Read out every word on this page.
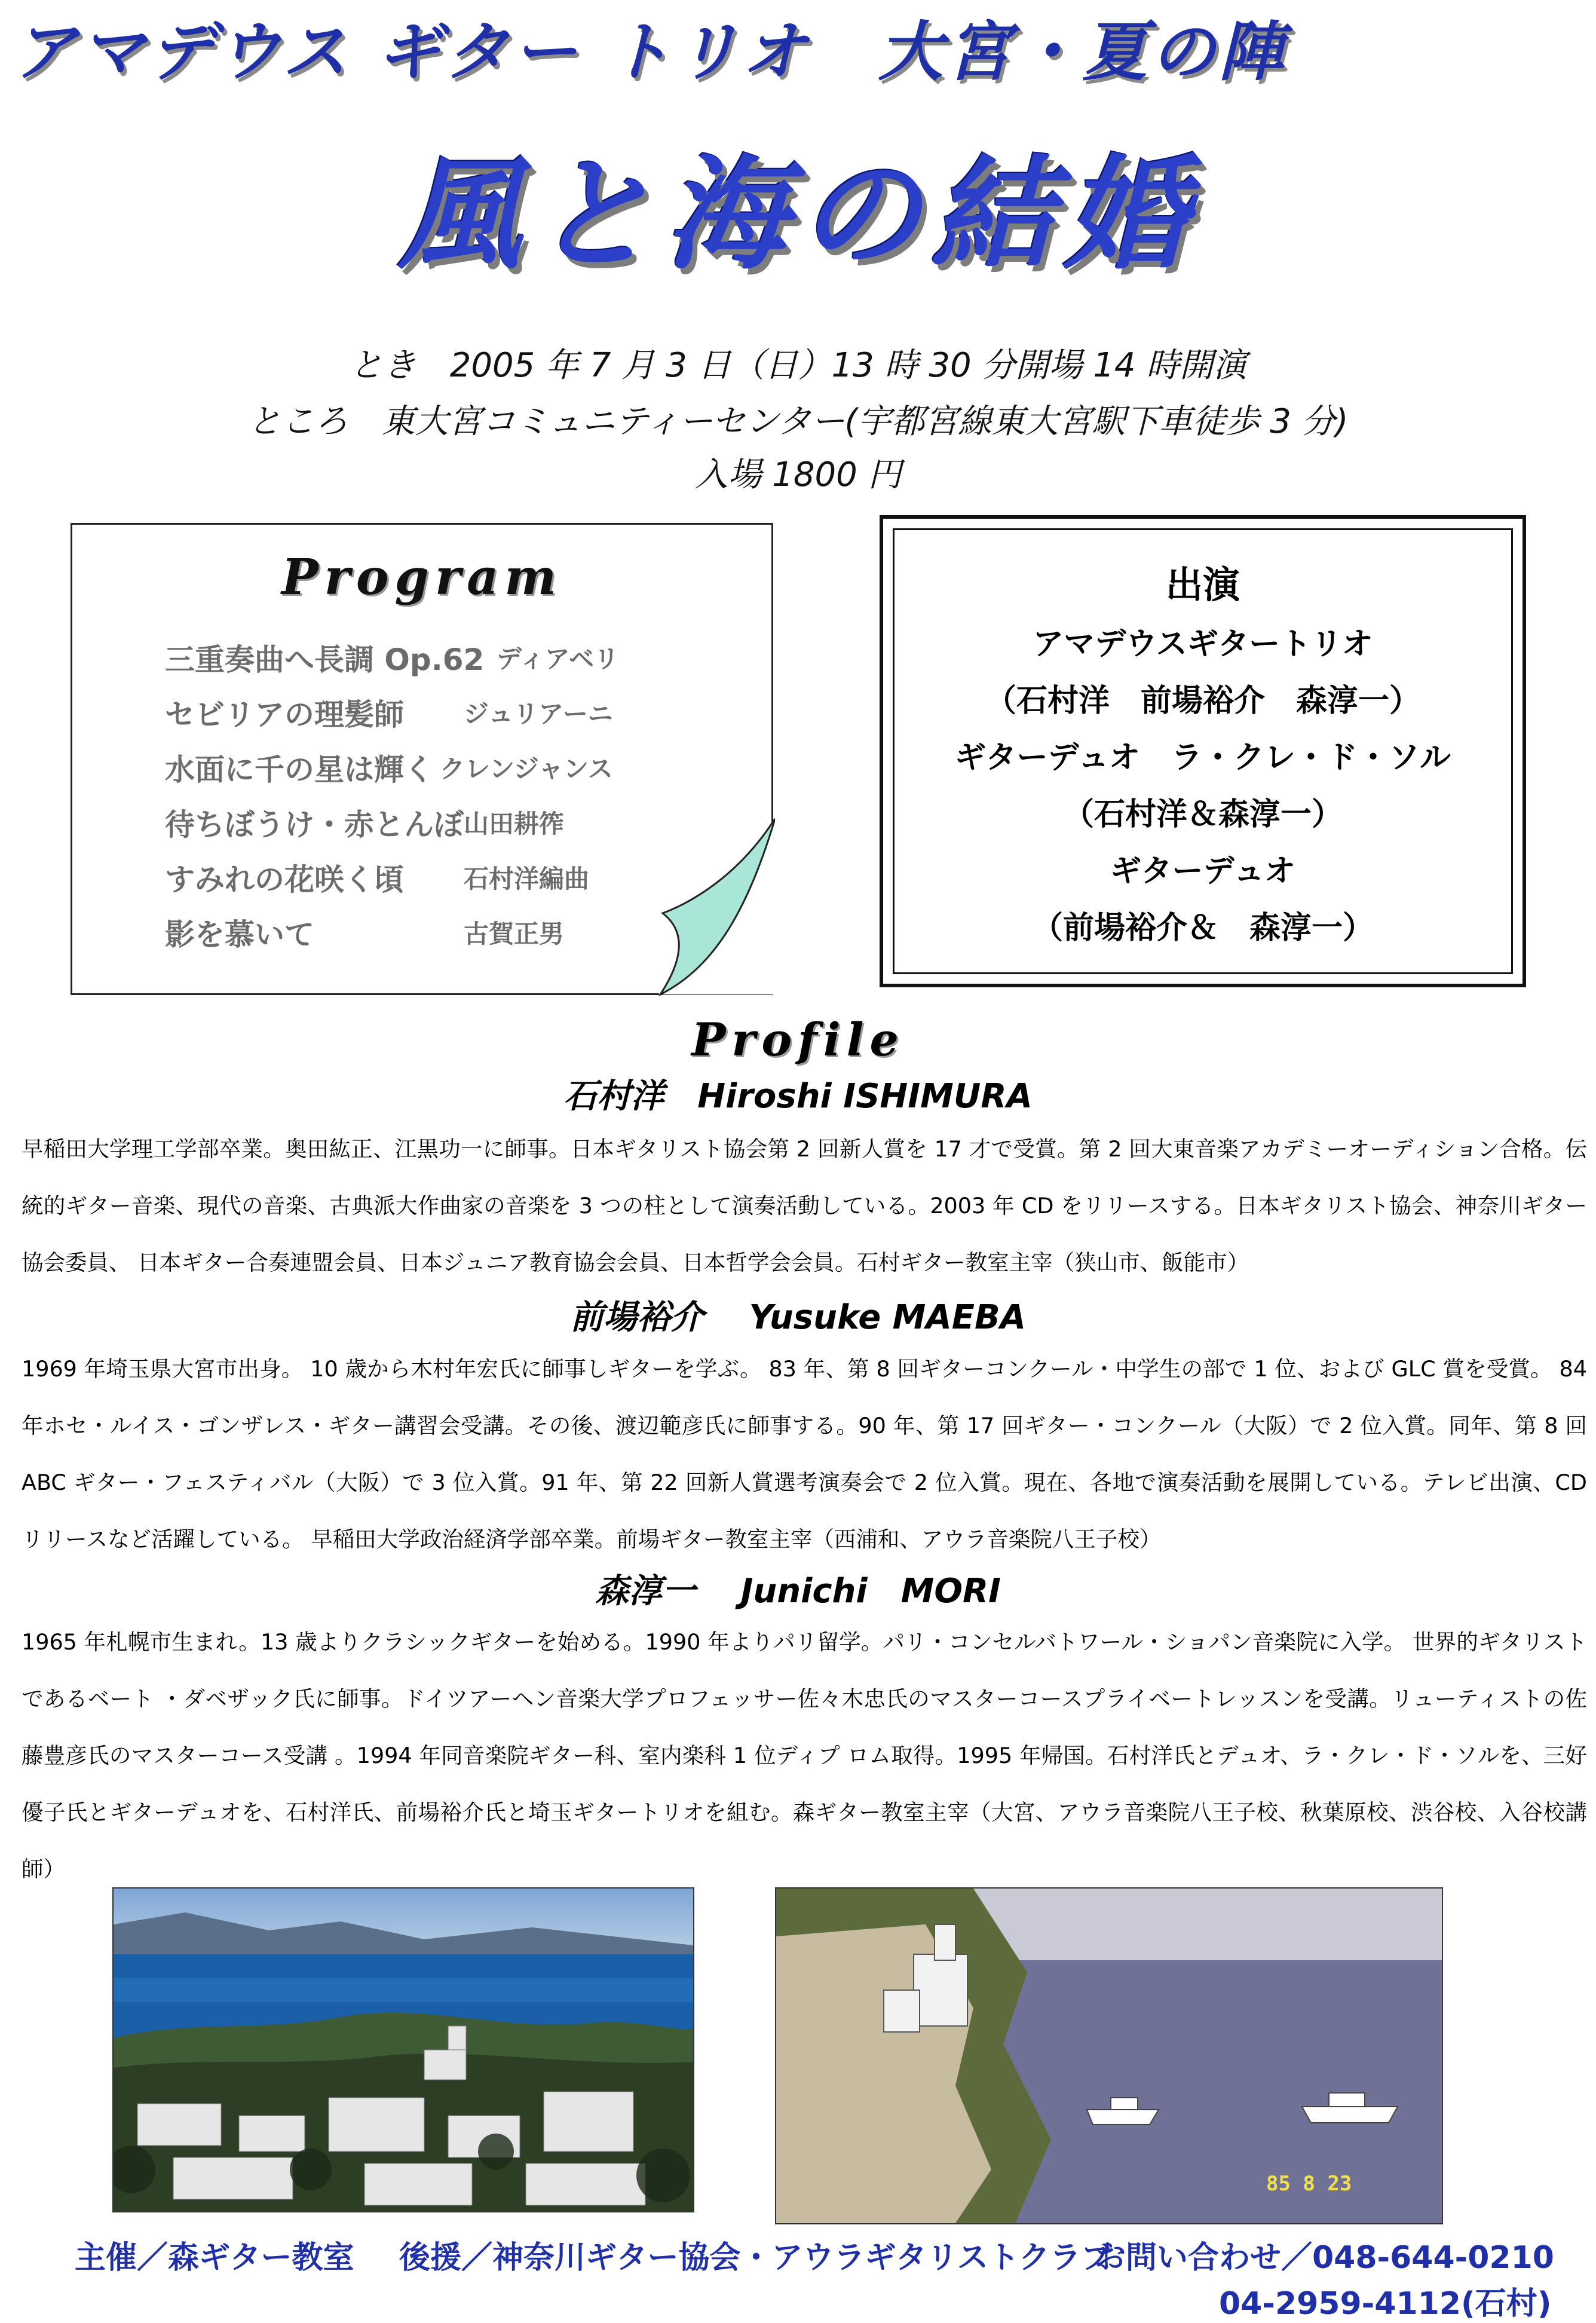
アマデウス ギター トリオ　大宮・夏の陣
風と海の結婚
とき　2005 年 7 月 3 日（日）13 時 30 分開場 14 時開演
ところ　東大宮コミュニティーセンター(宇都宮線東大宮駅下車徒歩 3 分)
入場 1800 円
Program
三重奏曲へ長調 Op.62 ディアベリ
セビリアの理髪師 ジュリアーニ
水面に千の星は輝く クレンジャンス
待ちぼうけ・赤とんぼ 山田耕筰
すみれの花咲く頃 石村洋編曲
影を慕いて	古賀正男
出演
アマデウスギタートリオ
（石村洋　前場裕介　森淳一）
ギターデュオ　ラ・クレ・ド・ソル
（石村洋＆森淳一）
ギターデュオ
（前場裕介＆　森淳一）
Profile
石村洋　Hiroshi ISHIMURA
早稲田大学理工学部卒業。奥田紘正、江黒功一に師事。日本ギタリスト協会第 2 回新人賞を 17 才で受賞。第 2 回大東音楽アカデミーオーディション合格。伝統的ギター音楽、現代の音楽、古典派大作曲家の音楽を 3 つの柱として演奏活動している。2003 年 CD をリリースする。日本ギタリスト協会、神奈川ギター協会委員、 日本ギター合奏連盟会員、日本ジュニア教育協会会員、日本哲学会会員。石村ギター教室主宰（狭山市、飯能市）
前場裕介　 Yusuke MAEBA
1969 年埼玉県大宮市出身。 10 歳から木村年宏氏に師事しギターを学ぶ。 83 年、第 8 回ギターコンクール・中学生の部で 1 位、および GLC 賞を受賞。 84 年ホセ・ルイス・ゴンザレス・ギター講習会受講。その後、渡辺範彦氏に師事する。90 年、第 17 回ギター・コンクール（大阪）で 2 位入賞。同年、第 8 回 ABC ギター・フェスティバル（大阪）で 3 位入賞。91 年、第 22 回新人賞選考演奏会で 2 位入賞。現在、各地で演奏活動を展開している。テレビ出演、CD リリースなど活躍している。 早稲田大学政治経済学部卒業。前場ギター教室主宰（西浦和、アウラ音楽院八王子校）
森淳一　 Junichi　MORI
1965 年札幌市生まれ。13 歳よりクラシックギターを始める。1990 年よりパリ留学。パリ・コンセルバトワール・ショパン音楽院に入学。 世界的ギタリストであるベート ・ダベザック氏に師事。ドイツアーヘン音楽大学プロフェッサー佐々木忠氏のマスターコースプライベートレッスンを受講。リューティストの佐藤豊彦氏のマスターコース受講 。1994 年同音楽院ギター科、室内楽科 1 位ディプ ロム取得。1995 年帰国。石村洋氏とデュオ、ラ・クレ・ド・ソルを、三好 優子氏とギターデュオを、石村洋氏、前場裕介氏と埼玉ギタートリオを組む。森ギター教室主宰（大宮、アウラ音楽院八王子校、秋葉原校、渋谷校、入谷校講師）
85 8 23
主催／森ギター教室 後援／神奈川ギター協会・アウラギタリストクラブ
お問い合わせ／048-644-0210
04-2959-4112(石村)
